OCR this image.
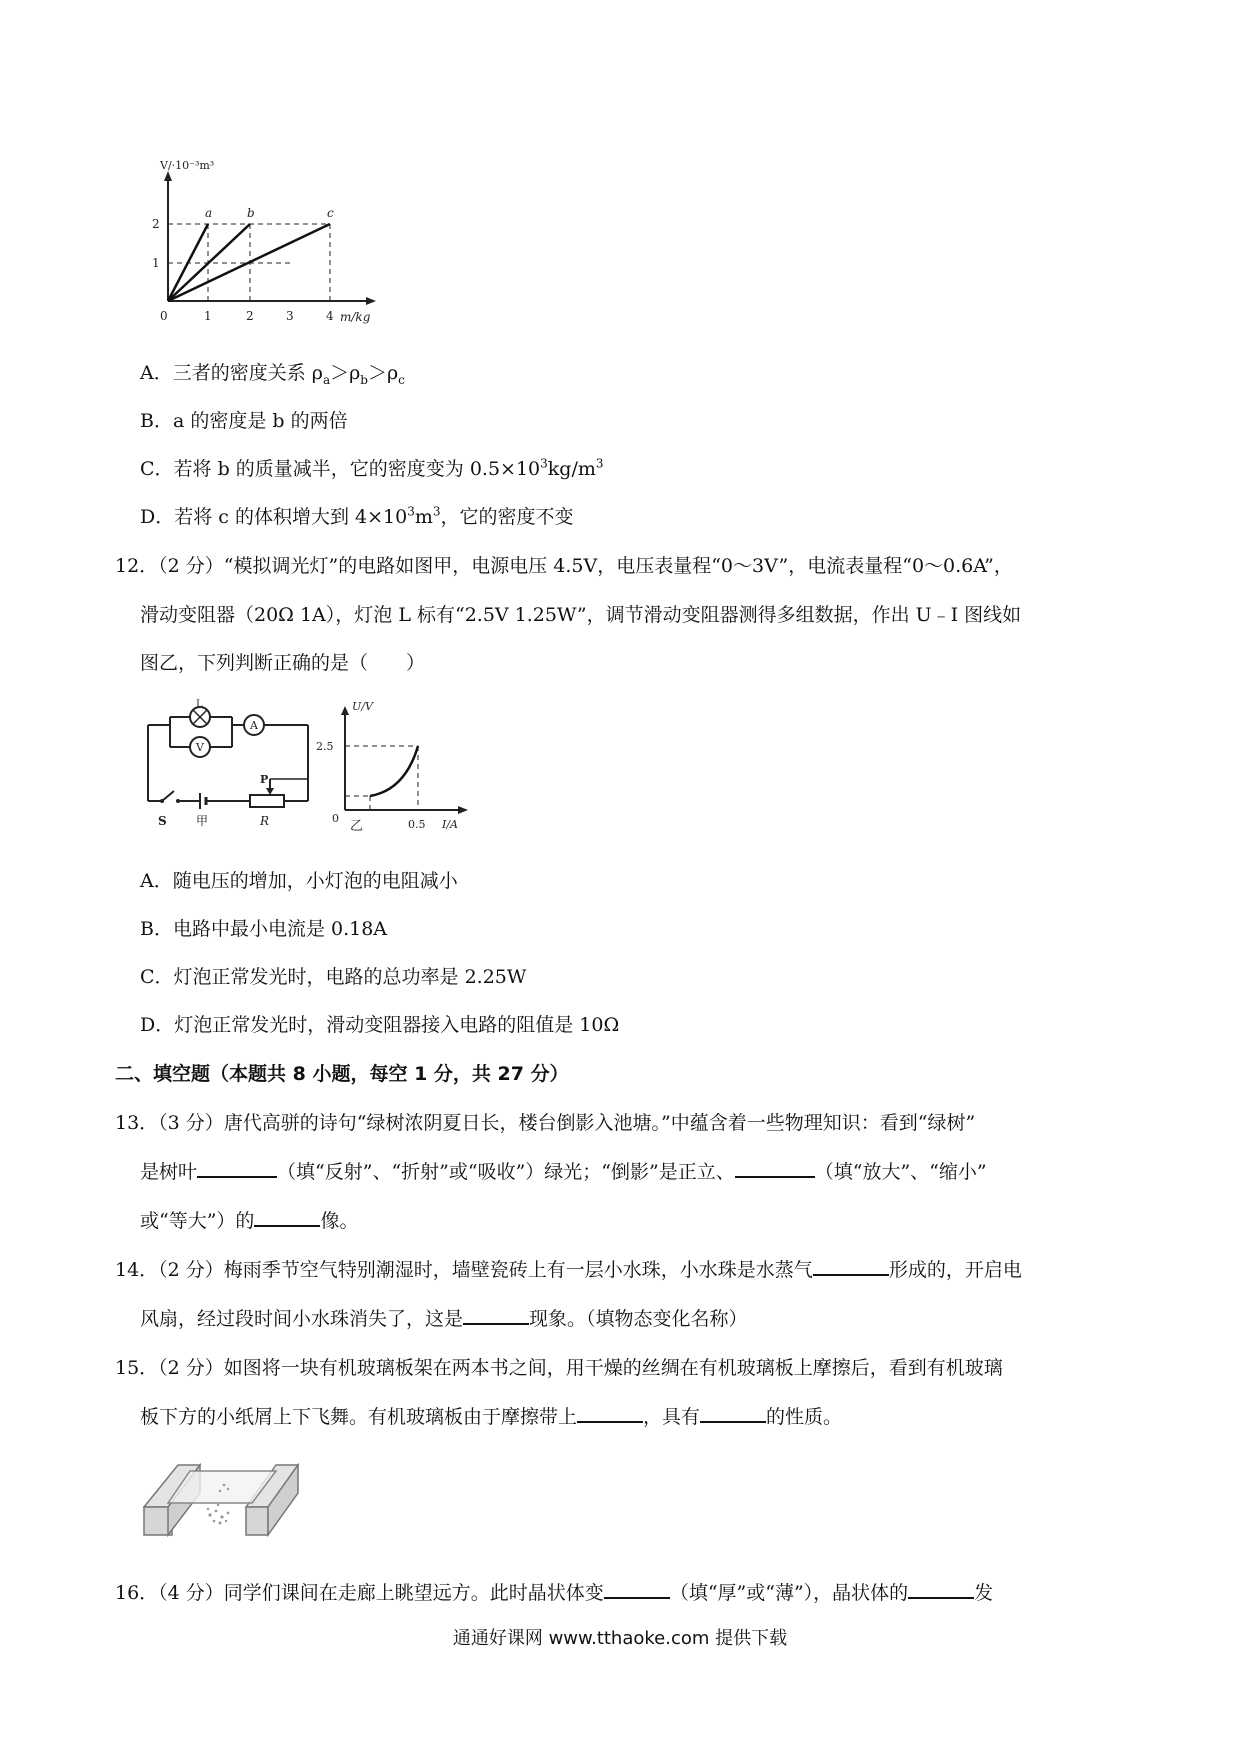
V/·10⁻³m³
m/kg
0	1	2	3	4
1
2
a	b	c
A．三者的密度关系 $\rho_a>\rho_b>\rho_c$
B．a 的密度是 b 的两倍
C．若将 b 的质量减半，它的密度变为 $0.5\times 10^3kg/m^3$
D．若将 c 的体积增大到 $4\times 10^3m^3$，它的密度不变
12．（2 分）“模拟调光灯”的电路如图甲，电源电压 4.5V，电压表量程“0～3V”，电流表量程“0～0.6A”，
滑动变阻器（20Ω 1A），灯泡 L 标有“2.5V 1.25W”，调节滑动变阻器测得多组数据，作出 U﹣I 图线如
图乙，下列判断正确的是（　　）
L
V
A
P
S 甲	R
U/V
2.5
0
乙	0.5 I/A
A．随电压的增加，小灯泡的电阻减小
B．电路中最小电流是 0.18A
C．灯泡正常发光时，电路的总功率是 2.25W
D．灯泡正常发光时，滑动变阻器接入电路的阻值是 10Ω
二、填空题（本题共 8 小题，每空 1 分，共 27 分）
13．（3 分）唐代高骈的诗句“绿树浓阴夏日长，楼台倒影入池塘。”中蕴含着一些物理知识：看到“绿树”
是树叶	（填“反射”、“折射”或“吸收”）绿光；“倒影”是正立、	（填“放大”、“缩小”
或“等大”）的	像。
14．（2 分）梅雨季节空气特别潮湿时，墙壁瓷砖上有一层小水珠，小水珠是水蒸气	形成的，开启电
风扇，经过段时间小水珠消失了，这是	现象。（填物态变化名称）
15．（2 分）如图将一块有机玻璃板架在两本书之间，用干燥的丝绸在有机玻璃板上摩擦后，看到有机玻璃
板下方的小纸屑上下飞舞。有机玻璃板由于摩擦带上	，具有	的性质。
16．（4 分）同学们课间在走廊上眺望远方。此时晶状体变	（填“厚”或“薄”），晶状体的	发
通通好课网 www.tthaoke.com 提供下载
